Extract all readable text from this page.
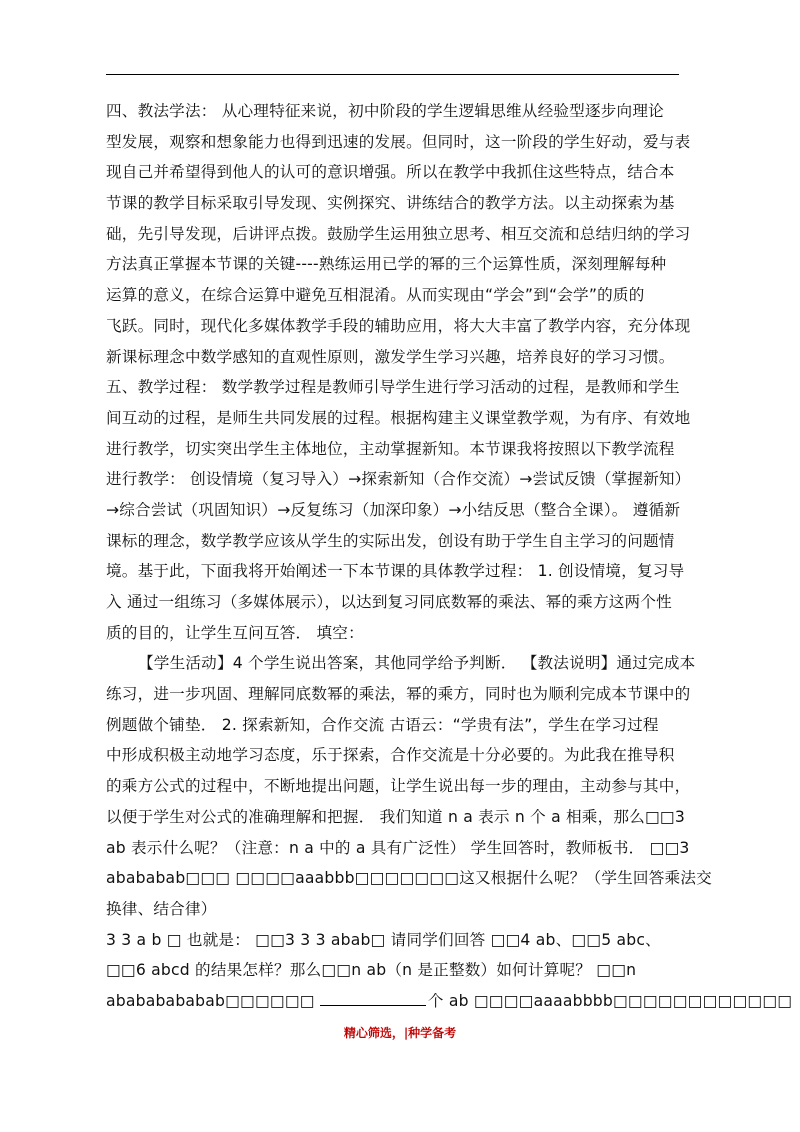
四、教法学法： 从心理特征来说，初中阶段的学生逻辑思维从经验型逐步向理论
型发展，观察和想象能力也得到迅速的发展。但同时，这一阶段的学生好动，爱与表
现自己并希望得到他人的认可的意识增强。所以在教学中我抓住这些特点，结合本
节课的教学目标采取引导发现、实例探究、讲练结合的教学方法。以主动探索为基
础，先引导发现，后讲评点拨。鼓励学生运用独立思考、相互交流和总结归纳的学习
方法真正掌握本节课的关键----熟练运用已学的幂的三个运算性质，深刻理解每种
运算的意义，在综合运算中避免互相混淆。从而实现由“学会”到“会学”的质的
飞跃。同时，现代化多媒体教学手段的辅助应用，将大大丰富了教学内容，充分体现
新课标理念中数学感知的直观性原则，激发学生学习兴趣，培养良好的学习习惯。
五、教学过程： 数学教学过程是教师引导学生进行学习活动的过程，是教师和学生
间互动的过程，是师生共同发展的过程。根据构建主义课堂教学观，为有序、有效地
进行教学，切实突出学生主体地位，主动掌握新知。本节课我将按照以下教学流程
进行教学： 创设情境（复习导入）→探索新知（合作交流）→尝试反馈（掌握新知）
→综合尝试（巩固知识）→反复练习（加深印象）→小结反思（整合全课）。 遵循新
课标的理念，数学教学应该从学生的实际出发，创设有助于学生自主学习的问题情
境。基于此，下面我将开始阐述一下本节课的具体教学过程： 1. 创设情境，复习导
入 通过一组练习（多媒体展示），以达到复习同底数幂的乘法、幂的乘方这两个性
质的目的，让学生互问互答． 填空：
【学生活动】4 个学生说出答案，其他同学给予判断． 【教法说明】通过完成本
练习，进一步巩固、理解同底数幂的乘法，幂的乘方，同时也为顺利完成本节课中的
例题做个铺垫． 2. 探索新知，合作交流 古语云：“学贵有法”，学生在学习过程
中形成积极主动地学习态度，乐于探索，合作交流是十分必要的。为此我在推导积
的乘方公式的过程中，不断地提出问题，让学生说出每一步的理由，主动参与其中，
以便于学生对公式的准确理解和把握． 我们知道 n a 表示 n 个 a 相乘，那么□□3
ab 表示什么呢？（注意：n a 中的 a 具有广泛性） 学生回答时，教师板书． □□3
abababab□□□ □□□□aaabbb□□□□□□□这又根据什么呢？（学生回答乘法交
换律、结合律）
3 3 a b □ 也就是： □□3 3 3 abab□ 请同学们回答 □□4 ab、□□5 abc、
□□6 abcd 的结果怎样？那么□□n ab（n 是正整数）如何计算呢？ □□n
abababababab□□□□□□	个 ab □□□□aaaabbbb□□□□□□□□□□□□
精心筛选，|种学备考
